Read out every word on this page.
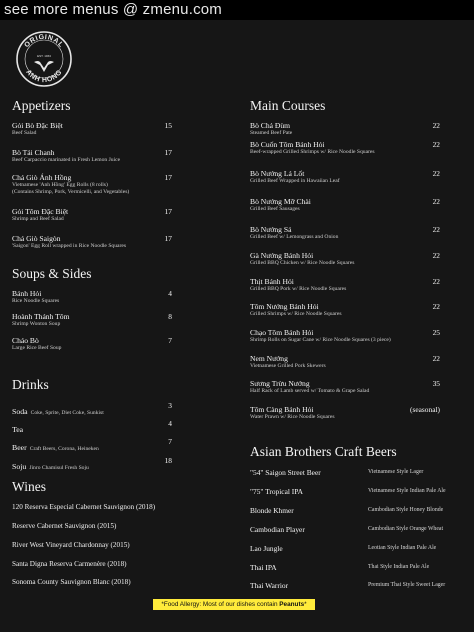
see more menus @ zmenu.com
ORIGINAL
ANH HONG
EST. 1963
Appetizers
Gỏi Bò Đặc Biệt
Beef Salad
15
Bò Tái Chanh
Beef Carpaccio marinated in Fresh Lemon Juice
17
Chả Giò Ánh Hồng
Vietnamese 'Anh Hồng' Egg Rolls (8 rolls)
(Contains Shrimp, Pork, Vermicelli, and Vegetables)
17
Gỏi Tôm Đặc Biệt
Shrimp and Beef Salad
17
Chả Giò Saigòn
'Saigon' Egg Roll wrapped in Rice Noodle Squares
17
Soups & Sides
Bánh Hỏi
Rice Noodle Squares
4
Hoành Thánh Tôm
Shrimp Wonton Soup
8
Cháo Bò
Large Rice Beef Soup
7
Drinks
Soda Coke, Sprite, Diet Coke, Sunkist
3
Tea
4
Beer Craft Beers, Corona, Heineken
7
Soju Jinro Chamisul Fresh Soju
18
Wines
120 Reserva Especial Cabernet Sauvignon (2018)
Reserve Cabernet Sauvignon (2015)
River West Vineyard Chardonnay (2015)
Santa Digna Reserva Carmenère (2018)
Sonoma County Sauvignon Blanc (2018)
Main Courses
Bò Chả Đùm
Steamed Beef Pate
22
Bò Cuốn Tôm Bánh Hỏi
Beef-wrapped Grilled Shrimps w/ Rice Noodle Squares
22
Bò Nướng Lá Lốt
Grilled Beef Wrapped in Hawaiian Leaf
22
Bò Nướng Mỡ Chài
Grilled Beef Sausages
22
Bò Nướng Sả
Grilled Beef w/ Lemongrass and Onion
22
Gà Nướng Bánh Hỏi
Grilled BBQ Chicken w/ Rice Noodle Squares
22
Thịt Bánh Hỏi
Grilled BBQ Pork w/ Rice Noodle Squares
22
Tôm Nướng Bánh Hỏi
Grilled Shrimps w/ Rice Noodle Squares
22
Chạo Tôm Bánh Hỏi
Shrimp Rolls on Sugar Cane w/ Rice Noodle Squares (3 piece)
25
Nem Nướng
Vietnamese Grilled Pork Skewers
22
Sương Trừu Nướng
Half Rack of Lamb served w/ Tomato & Grape Salad
35
Tôm Càng Bánh Hỏi
Water Prawn w/ Rice Noodle Squares
(seasonal)
Asian Brothers Craft Beers
"54" Saigon Street Beer	Vietnamese Style Lager
"75" Tropical IPA	Vietnamese Style Indian Pale Ale
Blonde Khmer	Cambodian Style Honey Blonde
Cambodian Player	Cambodian Style Orange Wheat
Lao Jungle	Leotian Style Indian Pale Ale
Thai IPA	Thai Style Indian Pale Ale
Thai Warrior	Premium Thai Style Sweet Lager
*Food Allergy: Most of our dishes contain Peanuts*
